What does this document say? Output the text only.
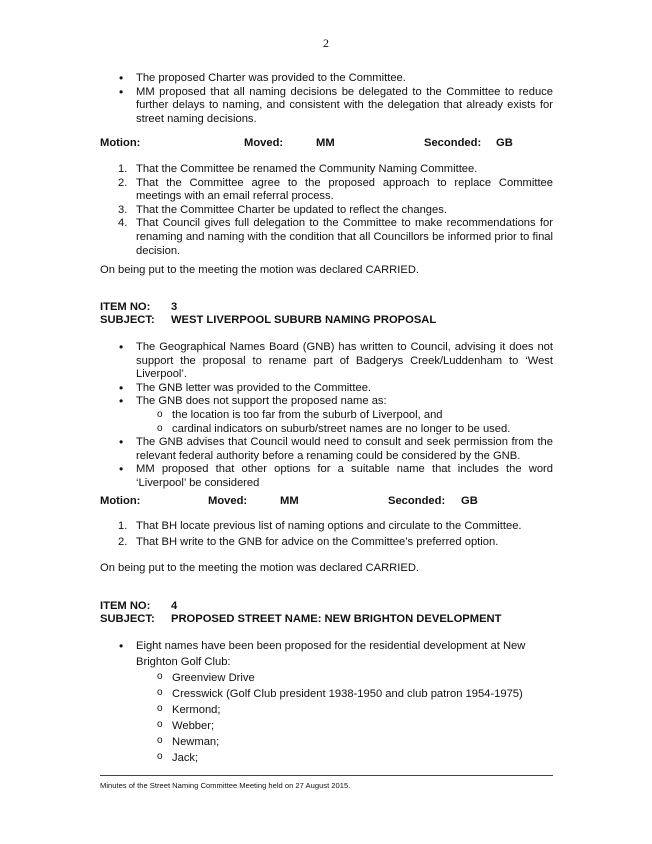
2
• The proposed Charter was provided to the Committee.
• MM proposed that all naming decisions be delegated to the Committee to reduce further delays to naming, and consistent with the delegation that already exists for street naming decisions.
Motion:	Moved:	MM	Seconded: GB
1. That the Committee be renamed the Community Naming Committee.
2. That the Committee agree to the proposed approach to replace Committee meetings with an email referral process.
3. That the Committee Charter be updated to reflect the changes.
4. That Council gives full delegation to the Committee to make recommendations for renaming and naming with the condition that all Councillors be informed prior to final decision.
On being put to the meeting the motion was declared CARRIED.
ITEM NO: 3
SUBJECT: WEST LIVERPOOL SUBURB NAMING PROPOSAL
• The Geographical Names Board (GNB) has written to Council, advising it does not support the proposal to rename part of Badgerys Creek/Luddenham to ‘West Liverpool’.
• The GNB letter was provided to the Committee.
• The GNB does not support the proposed name as:
o the location is too far from the suburb of Liverpool, and
o cardinal indicators on suburb/street names are no longer to be used.
• The GNB advises that Council would need to consult and seek permission from the relevant federal authority before a renaming could be considered by the GNB.
• MM proposed that other options for a suitable name that includes the word ‘Liverpool’ be considered
Motion:	Moved:	MM	Seconded: GB
1. That BH locate previous list of naming options and circulate to the Committee.
2. That BH write to the GNB for advice on the Committee’s preferred option.
On being put to the meeting the motion was declared CARRIED.
ITEM NO: 4
SUBJECT: PROPOSED STREET NAME: NEW BRIGHTON DEVELOPMENT
• Eight names have been been proposed for the residential development at New
Brighton Golf Club:
o Greenview Drive
o Cresswick (Golf Club president 1938-1950 and club patron 1954-1975)
o Kermond;
o Webber;
o Newman;
o Jack;
Minutes of the Street Naming Committee Meeting held on 27 August 2015.
